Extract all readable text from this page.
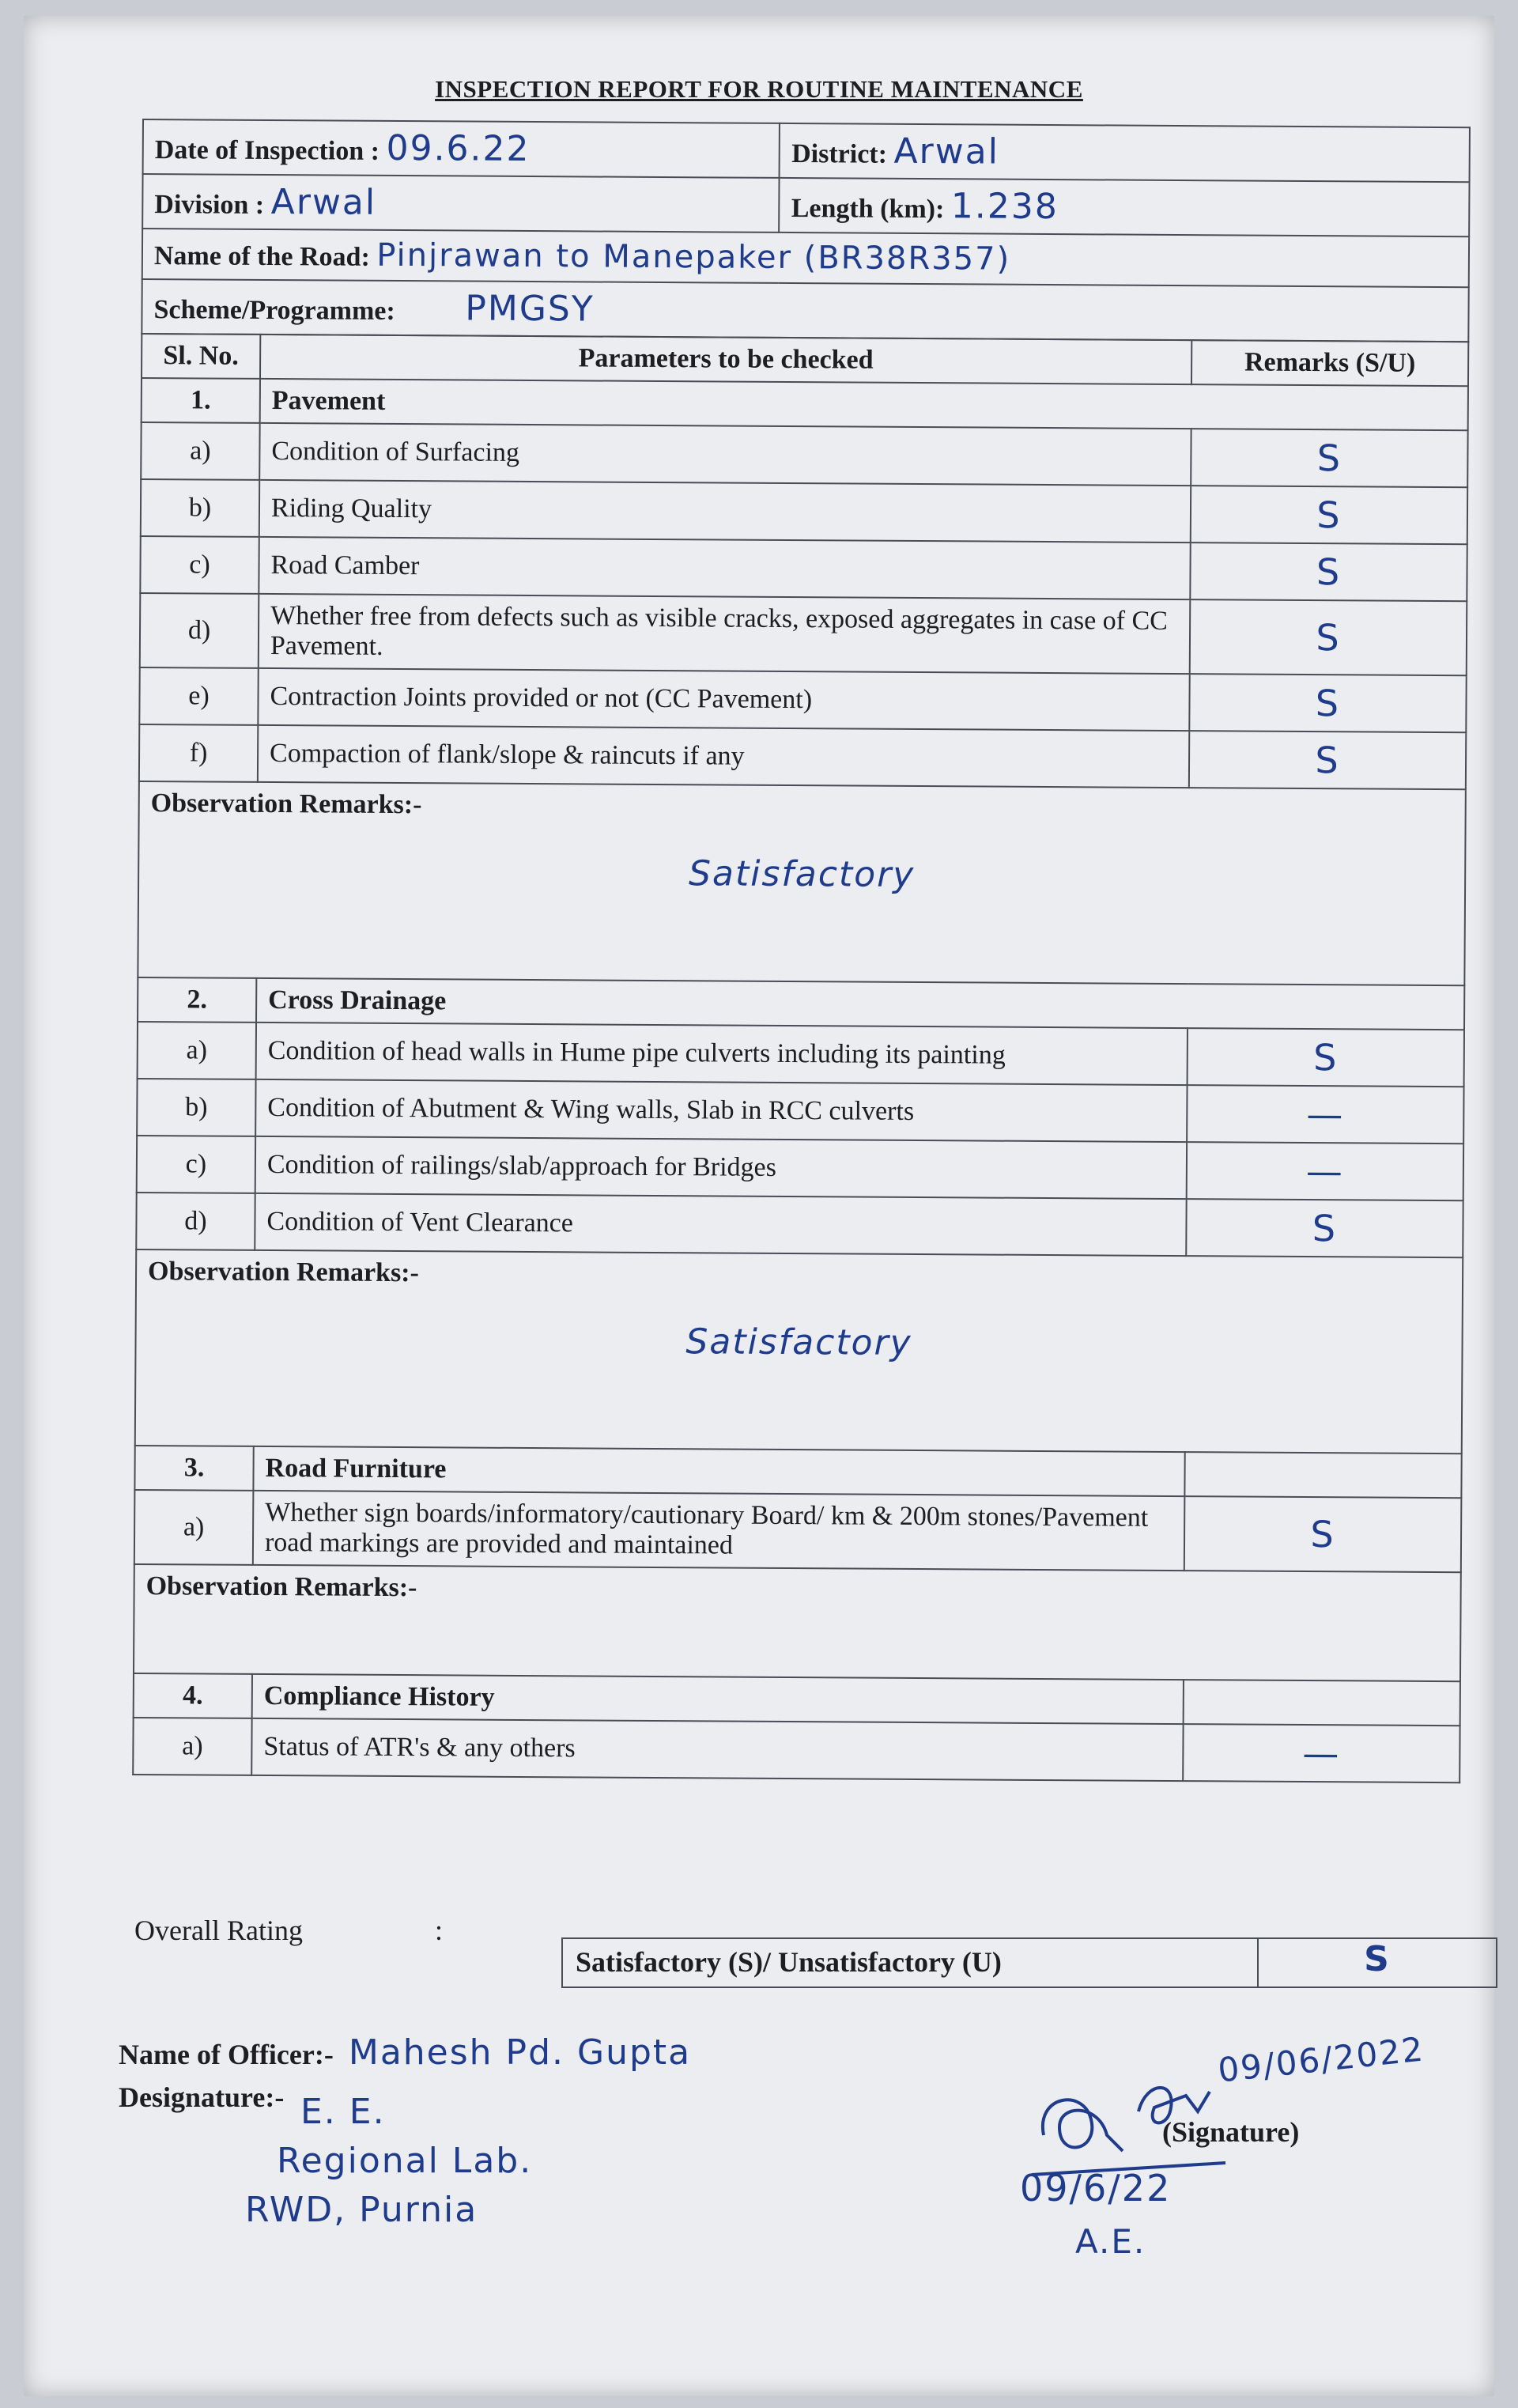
INSPECTION REPORT FOR ROUTINE MAINTENANCE
Date of Inspection : 09.6.22	District: Arwal
Division : Arwal	Length (km): 1.238
Name of the Road: Pinjrawan to Manepaker (BR38R357)	
Scheme/Programme: PMGSY	
Sl. No.	Parameters to be checked	Remarks (S/U)
1.	Pavement	
a)	Condition of Surfacing	S
b)	Riding Quality	S
c)	Road Camber	S
d)	Whether free from defects such as visible cracks, exposed aggregates in case of CC Pavement.	S
e)	Contraction Joints provided or not (CC Pavement)	S
f)	Compaction of flank/slope & raincuts if any	S

Observation Remarks:-
Satisfactory		

2.	Cross Drainage	
a)	Condition of head walls in Hume pipe culverts including its painting	S
b)	Condition of Abutment & Wing walls, Slab in RCC culverts	—
c)	Condition of railings/slab/approach for Bridges	—
d)	Condition of Vent Clearance	S

Observation Remarks:-
Satisfactory		

3.	Road Furniture	
a)	Whether sign boards/informatory/cautionary Board/ km & 200m stones/Pavement road markings are provided and maintained	S
Observation Remarks:-		
4.	Compliance History	
a)	Status of ATR's & any others	—
Overall Rating	:
Satisfactory (S)/ Unsatisfactory (U)	S
Name of Officer:- Mahesh Pd. Gupta
Designature:- E. E.
Regional Lab.
RWD, Purnia
09/06/2022
(Signature)
09/6/22
A.E.
